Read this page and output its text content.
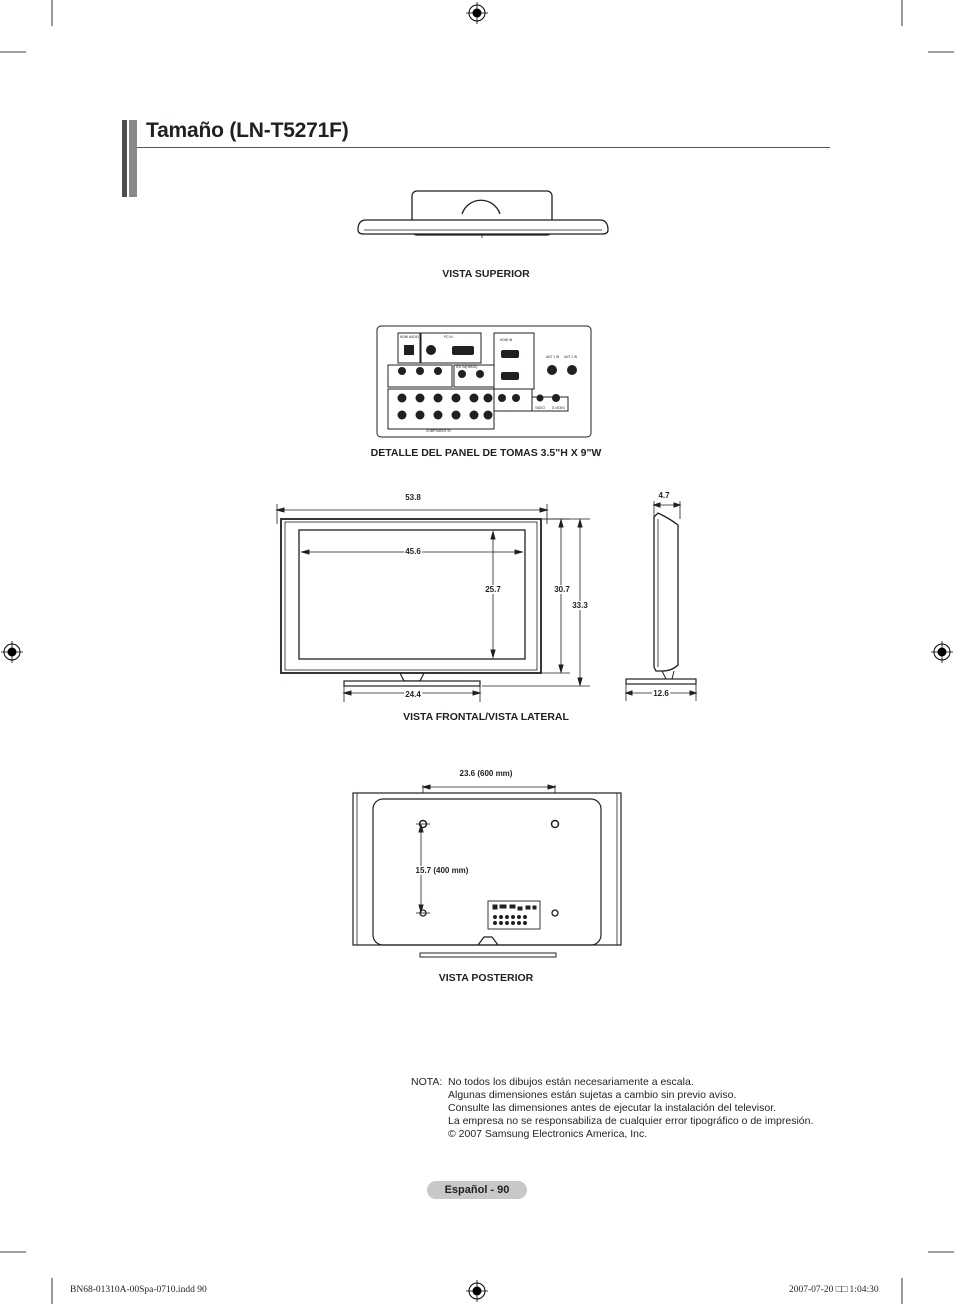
Tamaño (LN-T5271F)
VISTA SUPERIOR
HDMI AUDIO	PC IN
HDMI IN
ANT 1 IN ANT 2 IN
DVI IN(HDMI1)
COMPONENT IN
VIDEO S-VIDEO
DETALLE DEL PANEL DE TOMAS 3.5"H X 9"W
53.8
45.6
25.7	30.7
33.3
24.4
4.7
12.6
VISTA FRONTAL/VISTA LATERAL
23.6 (600 mm)
15.7 (400 mm)
VISTA POSTERIOR
NOTA: No todos los dibujos están necesariamente a escala.
Algunas dimensiones están sujetas a cambio sin previo aviso.
Consulte las dimensiones antes de ejecutar la instalación del televisor.
La empresa no se responsabiliza de cualquier error tipográfico o de impresión.
© 2007 Samsung Electronics America, Inc.
Español - 90
BN68-01310A-00Spa-0710.indd 90	2007-07-20 □□ 1:04:30
